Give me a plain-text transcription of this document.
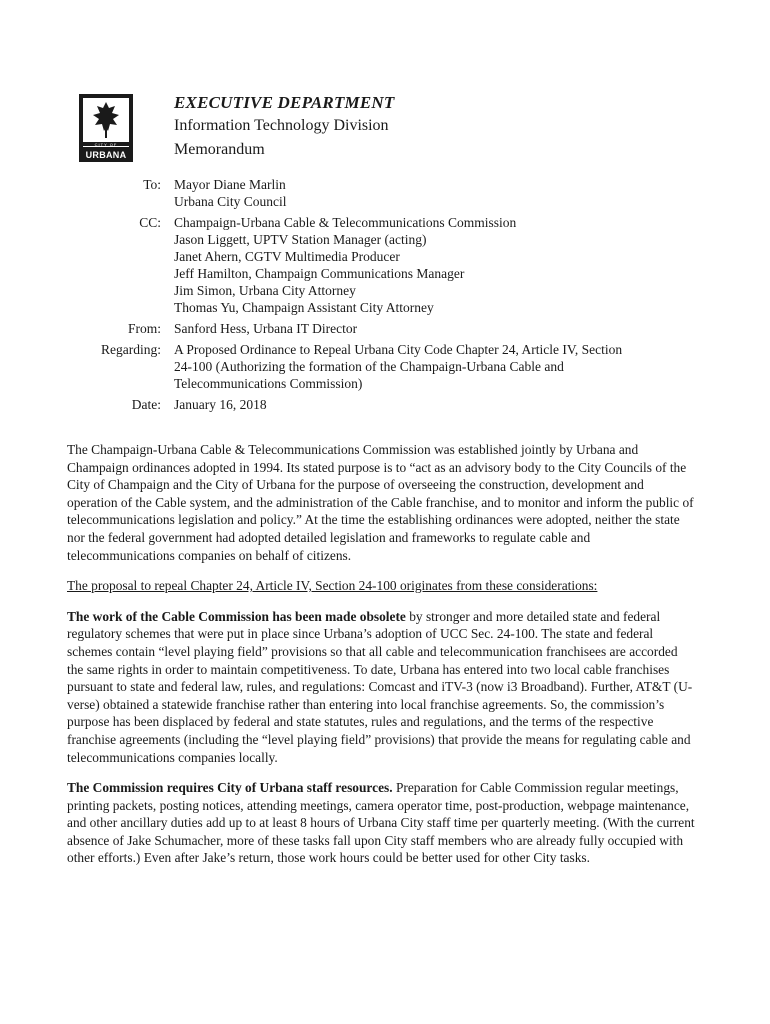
CITY OF
URBANA
EXECUTIVE DEPARTMENT
Information Technology Division
Memorandum
To: Mayor Diane Marlin
Urbana City Council
CC: Champaign-Urbana Cable & Telecommunications Commission
Jason Liggett, UPTV Station Manager (acting)
Janet Ahern, CGTV Multimedia Producer
Jeff Hamilton, Champaign Communications Manager
Jim Simon, Urbana City Attorney
Thomas Yu, Champaign Assistant City Attorney
From: Sanford Hess, Urbana IT Director
Regarding: A Proposed Ordinance to Repeal Urbana City Code Chapter 24, Article IV, Section
24-100 (Authorizing the formation of the Champaign-Urbana Cable and
Telecommunications Commission)
Date: January 16, 2018

The Champaign-Urbana Cable & Telecommunications Commission was established jointly by Urbana and Champaign ordinances adopted in 1994. Its stated purpose is to “act as an advisory body to the City Councils of the City of Champaign and the City of Urbana for the purpose of overseeing the construction, development and operation of the Cable system, and the administration of the Cable franchise, and to monitor and inform the public of telecommunications legislation and policy.” At the time the establishing ordinances were adopted, neither the state nor the federal government had adopted detailed legislation and frameworks to regulate cable and telecommunications companies on behalf of citizens.

The proposal to repeal Chapter 24, Article IV, Section 24-100 originates from these considerations:

The work of the Cable Commission has been made obsolete by stronger and more detailed state and federal regulatory schemes that were put in place since Urbana’s adoption of UCC Sec. 24-100. The state and federal schemes contain “level playing field” provisions so that all cable and telecommunication franchisees are accorded the same rights in order to maintain competitiveness. To date, Urbana has entered into two local cable franchises pursuant to state and federal law, rules, and regulations: Comcast and iTV-3 (now i3 Broadband). Further, AT&T (U-verse) obtained a statewide franchise rather than entering into local franchise agreements. So, the commission’s purpose has been displaced by federal and state statutes, rules and regulations, and the terms of the respective franchise agreements (including the “level playing field” provisions) that provide the means for regulating cable and telecommunications companies locally.

The Commission requires City of Urbana staff resources. Preparation for Cable Commission regular meetings, printing packets, posting notices, attending meetings, camera operator time, post-production, webpage maintenance, and other ancillary duties add up to at least 8 hours of Urbana City staff time per quarterly meeting. (With the current absence of Jake Schumacher, more of these tasks fall upon City staff members who are already fully occupied with other efforts.) Even after Jake’s return, those work hours could be better used for other City tasks.
